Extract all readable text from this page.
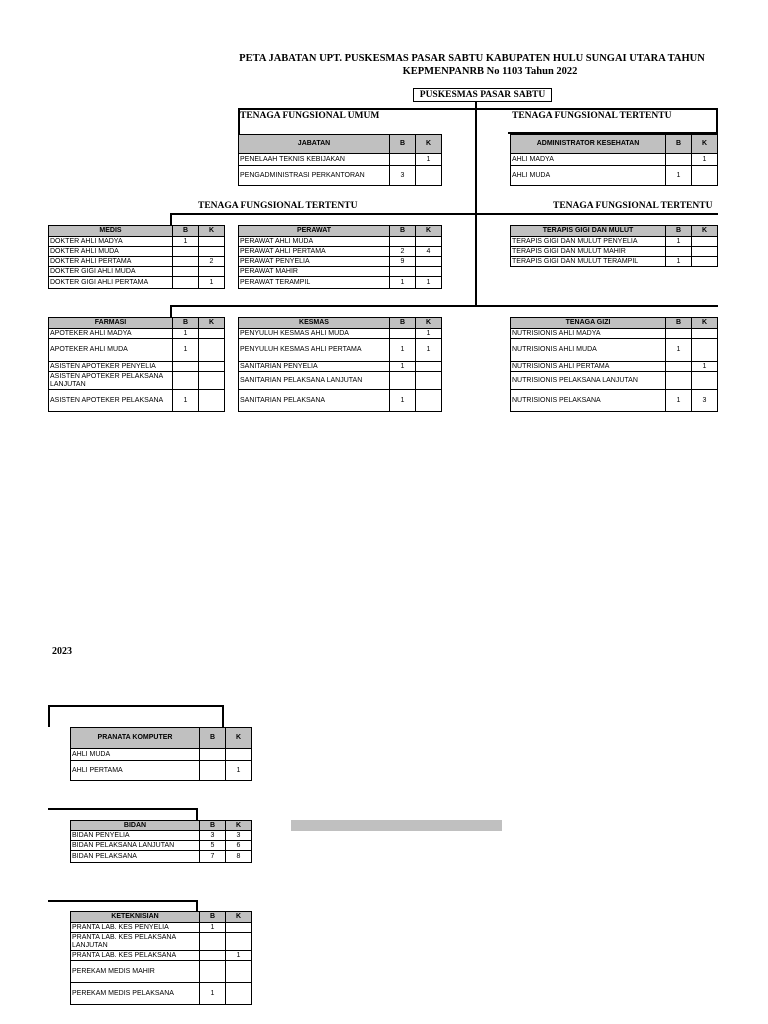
PETA JABATAN UPT. PUSKESMAS PASAR SABTU KABUPATEN HULU SUNGAI UTARA TAHUN
KEPMENPANRB No 1103 Tahun 2022
PUSKESMAS PASAR SABTU
TENAGA FUNGSIONAL UMUM	TENAGA FUNGSIONAL TERTENTU
TENAGA FUNGSIONAL TERTENTU	TENAGA FUNGSIONAL TERTENTU
JABATAN	B	K
PENELAAH TEKNIS KEBIJAKAN		1
PENGADMINISTRASI PERKANTORAN	3	
ADMINISTRATOR KESEHATAN	B	K
AHLI MADYA		1
AHLI MUDA	1	
MEDIS	B	K
DOKTER AHLI MADYA	1	
DOKTER AHLI MUDA		
DOKTER AHLI PERTAMA		2
DOKTER GIGI AHLI MUDA		
DOKTER GIGI AHLI PERTAMA		1
PERAWAT	B	K
PERAWAT AHLI MUDA		
PERAWAT AHLI PERTAMA	2	4
PERAWAT PENYELIA	9	
PERAWAT MAHIR		
PERAWAT TERAMPIL	1	1
TERAPIS GIGI DAN MULUT	B	K
TERAPIS GIGI DAN MULUT PENYELIA	1	
TERAPIS GIGI DAN MULUT MAHIR		
TERAPIS GIGI DAN MULUT TERAMPIL	1	
FARMASI	B	K
APOTEKER AHLI MADYA	1	
APOTEKER AHLI MUDA	1	
ASISTEN APOTEKER PENYELIA		
ASISTEN APOTEKER PELAKSANA LANJUTAN		
ASISTEN APOTEKER PELAKSANA	1	
KESMAS	B	K
PENYULUH KESMAS AHLI MUDA		1
PENYULUH KESMAS AHLI PERTAMA	1	1
SANITARIAN PENYELIA	1	
SANITARIAN PELAKSANA LANJUTAN		
SANITARIAN PELAKSANA	1	
TENAGA GIZI	B	K
NUTRISIONIS AHLI MADYA		
NUTRISIONIS AHLI MUDA	1	
NUTRISIONIS AHLI PERTAMA		1
NUTRISIONIS PELAKSANA LANJUTAN		
NUTRISIONIS PELAKSANA	1	3
2023
PRANATA KOMPUTER	B	K
AHLI MUDA		
AHLI PERTAMA		1
BIDAN	B	K
BIDAN PENYELIA	3	3
BIDAN PELAKSANA LANJUTAN	5	6
BIDAN PELAKSANA	7	8
KETEKNISIAN	B	K
PRANTA LAB. KES PENYELIA	1	
PRANTA LAB. KES PELAKSANA LANJUTAN		
PRANTA LAB. KES PELAKSANA		1
PEREKAM MEDIS MAHIR		
PEREKAM MEDIS PELAKSANA	1	
